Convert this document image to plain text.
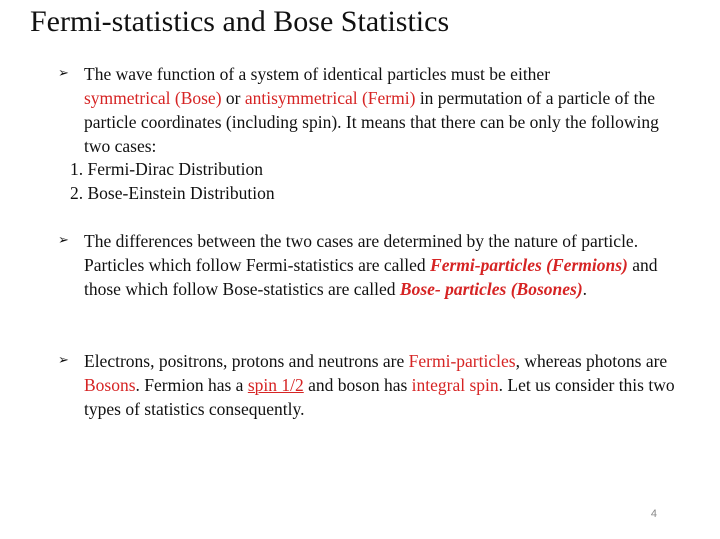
Fermi-statistics and Bose Statistics
➢ The wave function of a system of identical particles must be either
symmetrical (Bose) or antisymmetrical (Fermi) in permutation of a particle of the particle coordinates (including spin). It means that there can be only the following two cases:
1. Fermi-Dirac Distribution
2. Bose-Einstein Distribution
➢ The differences between the two cases are determined by the nature of particle. Particles which follow Fermi-statistics are called Fermi-particles (Fermions) and those which follow Bose-statistics are called Bose- particles (Bosones).
➢ Electrons, positrons, protons and neutrons are Fermi-particles, whereas photons are Bosons. Fermion has a spin 1/2 and boson has integral spin. Let us consider this two types of statistics consequently.
4
